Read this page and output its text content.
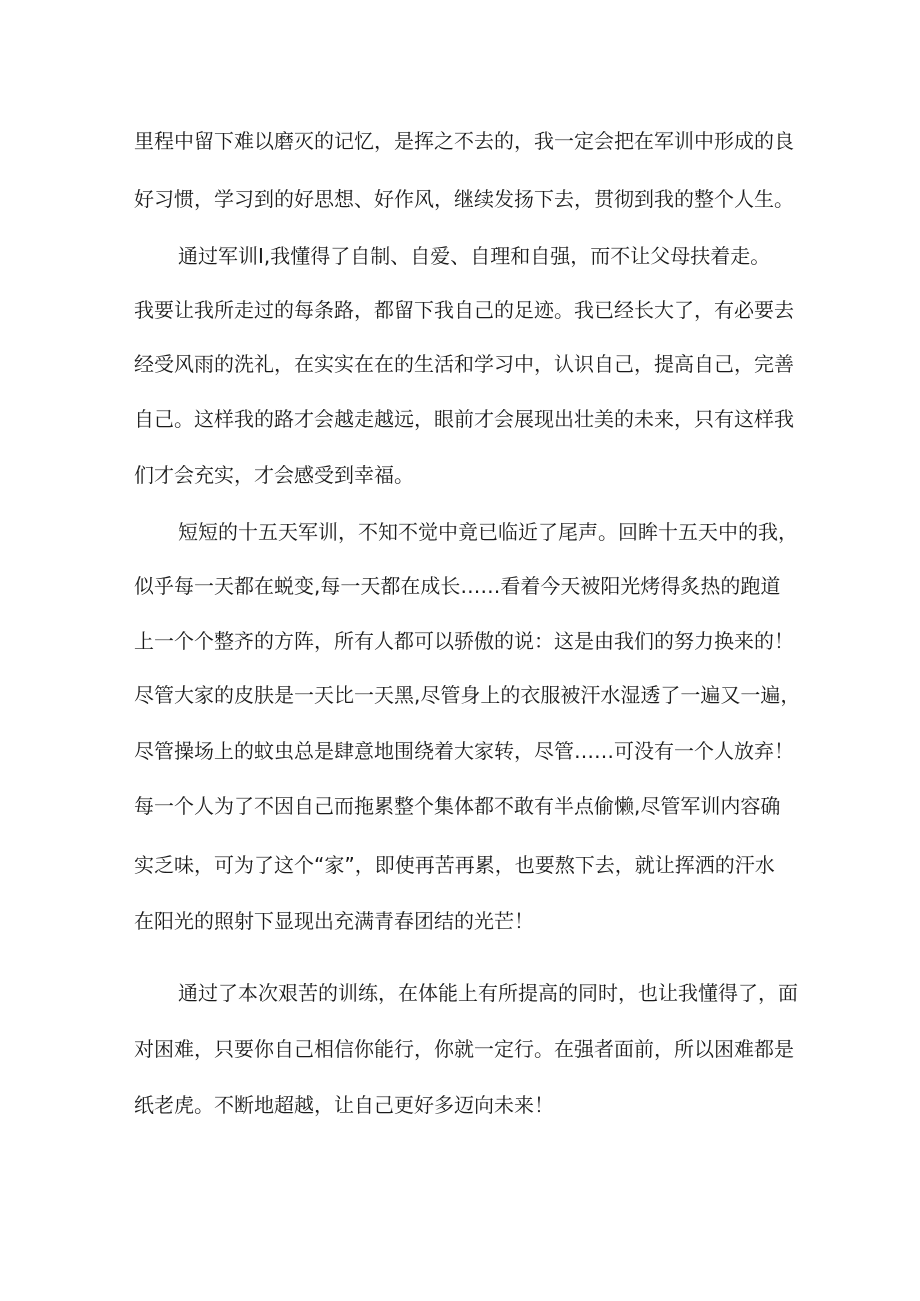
里程中留下难以磨灭的记忆，是挥之不去的，我一定会把在军训中形成的良
好习惯，学习到的好思想、好作风，继续发扬下去，贯彻到我的整个人生。
通过军训Ⅰ,我懂得了自制、自爱、自理和自强，而不让父母扶着走。
我要让我所走过的每条路，都留下我自己的足迹。我已经长大了，有必要去
经受风雨的洗礼，在实实在在的生活和学习中，认识自己，提高自己，完善
自己。这样我的路才会越走越远，眼前才会展现出壮美的未来，只有这样我
们才会充实，才会感受到幸福。
短短的十五天军训，不知不觉中竟已临近了尾声。回眸十五天中的我，
似乎每一天都在蜕变,每一天都在成长……看着今天被阳光烤得炙热的跑道
上一个个整齐的方阵，所有人都可以骄傲的说：这是由我们的努力换来的！
尽管大家的皮肤是一天比一天黑,尽管身上的衣服被汗水湿透了一遍又一遍，
尽管操场上的蚊虫总是肆意地围绕着大家转，尽管……可没有一个人放弃！
每一个人为了不因自己而拖累整个集体都不敢有半点偷懒,尽管军训内容确
实乏味，可为了这个“家”，即使再苦再累，也要熬下去，就让挥洒的汗水
在阳光的照射下显现出充满青春团结的光芒！
通过了本次艰苦的训练，在体能上有所提高的同时，也让我懂得了，面
对困难，只要你自己相信你能行，你就一定行。在强者面前，所以困难都是
纸老虎。不断地超越，让自己更好多迈向未来！
